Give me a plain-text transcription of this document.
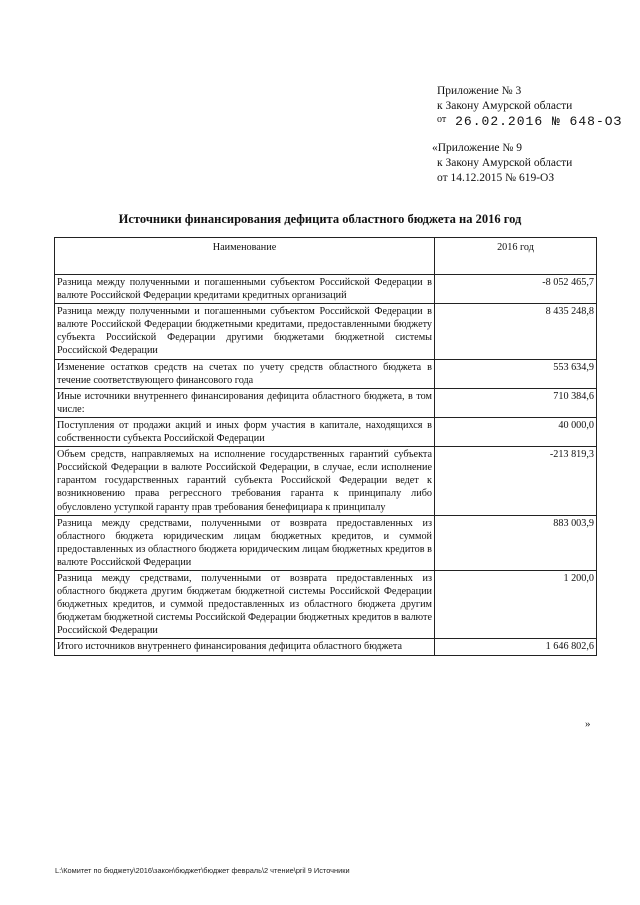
Приложение № 3
к Закону Амурской области
от 26.02.2016 № 648-ОЗ
«Приложение № 9
к Закону Амурской области
от 14.12.2015 № 619-ОЗ
Источники финансирования дефицита областного бюджета на 2016 год
Наименование	2016 год
Разница между полученными и погашенными субъектом Российской Федерации в валюте Российской Федерации кредитами кредитных организаций	-8 052 465,7
Разница между полученными и погашенными субъектом Российской Федерации в валюте Российской Федерации бюджетными кредитами, предоставленными бюджету субъекта Российской Федерации другими бюджетами бюджетной системы Российской Федерации	8 435 248,8
Изменение остатков средств на счетах по учету средств областного бюджета в течение соответствующего финансового года	553 634,9
Иные источники внутреннего финансирования дефицита областного бюджета, в том числе:	710 384,6
Поступления от продажи акций и иных форм участия в капитале, находящихся в собственности субъекта Российской Федерации	40 000,0
Объем средств, направляемых на исполнение государственных гарантий субъекта Российской Федерации в валюте Российской Федерации, в случае, если исполнение гарантом государственных гарантий субъекта Российской Федерации ведет к возникновению права регрессного требования гаранта к принципалу либо обусловлено уступкой гаранту прав требования бенефициара к принципалу	-213 819,3
Разница между средствами, полученными от возврата предоставленных из областного бюджета юридическим лицам бюджетных кредитов, и суммой предоставленных из областного бюджета юридическим лицам бюджетных кредитов в валюте Российской Федерации	883 003,9
Разница между средствами, полученными от возврата предоставленных из областного бюджета другим бюджетам бюджетной системы Российской Федерации бюджетных кредитов, и суммой предоставленных из областного бюджета другим бюджетам бюджетной системы Российской Федерации бюджетных кредитов в валюте Российской Федерации	1 200,0
Итого источников внутреннего финансирования дефицита областного бюджета	1 646 802,6
»
L:\Комитет по бюджету\2016\закон\бюджет\бюджет февраль\2 чтение\pril 9 Источники
